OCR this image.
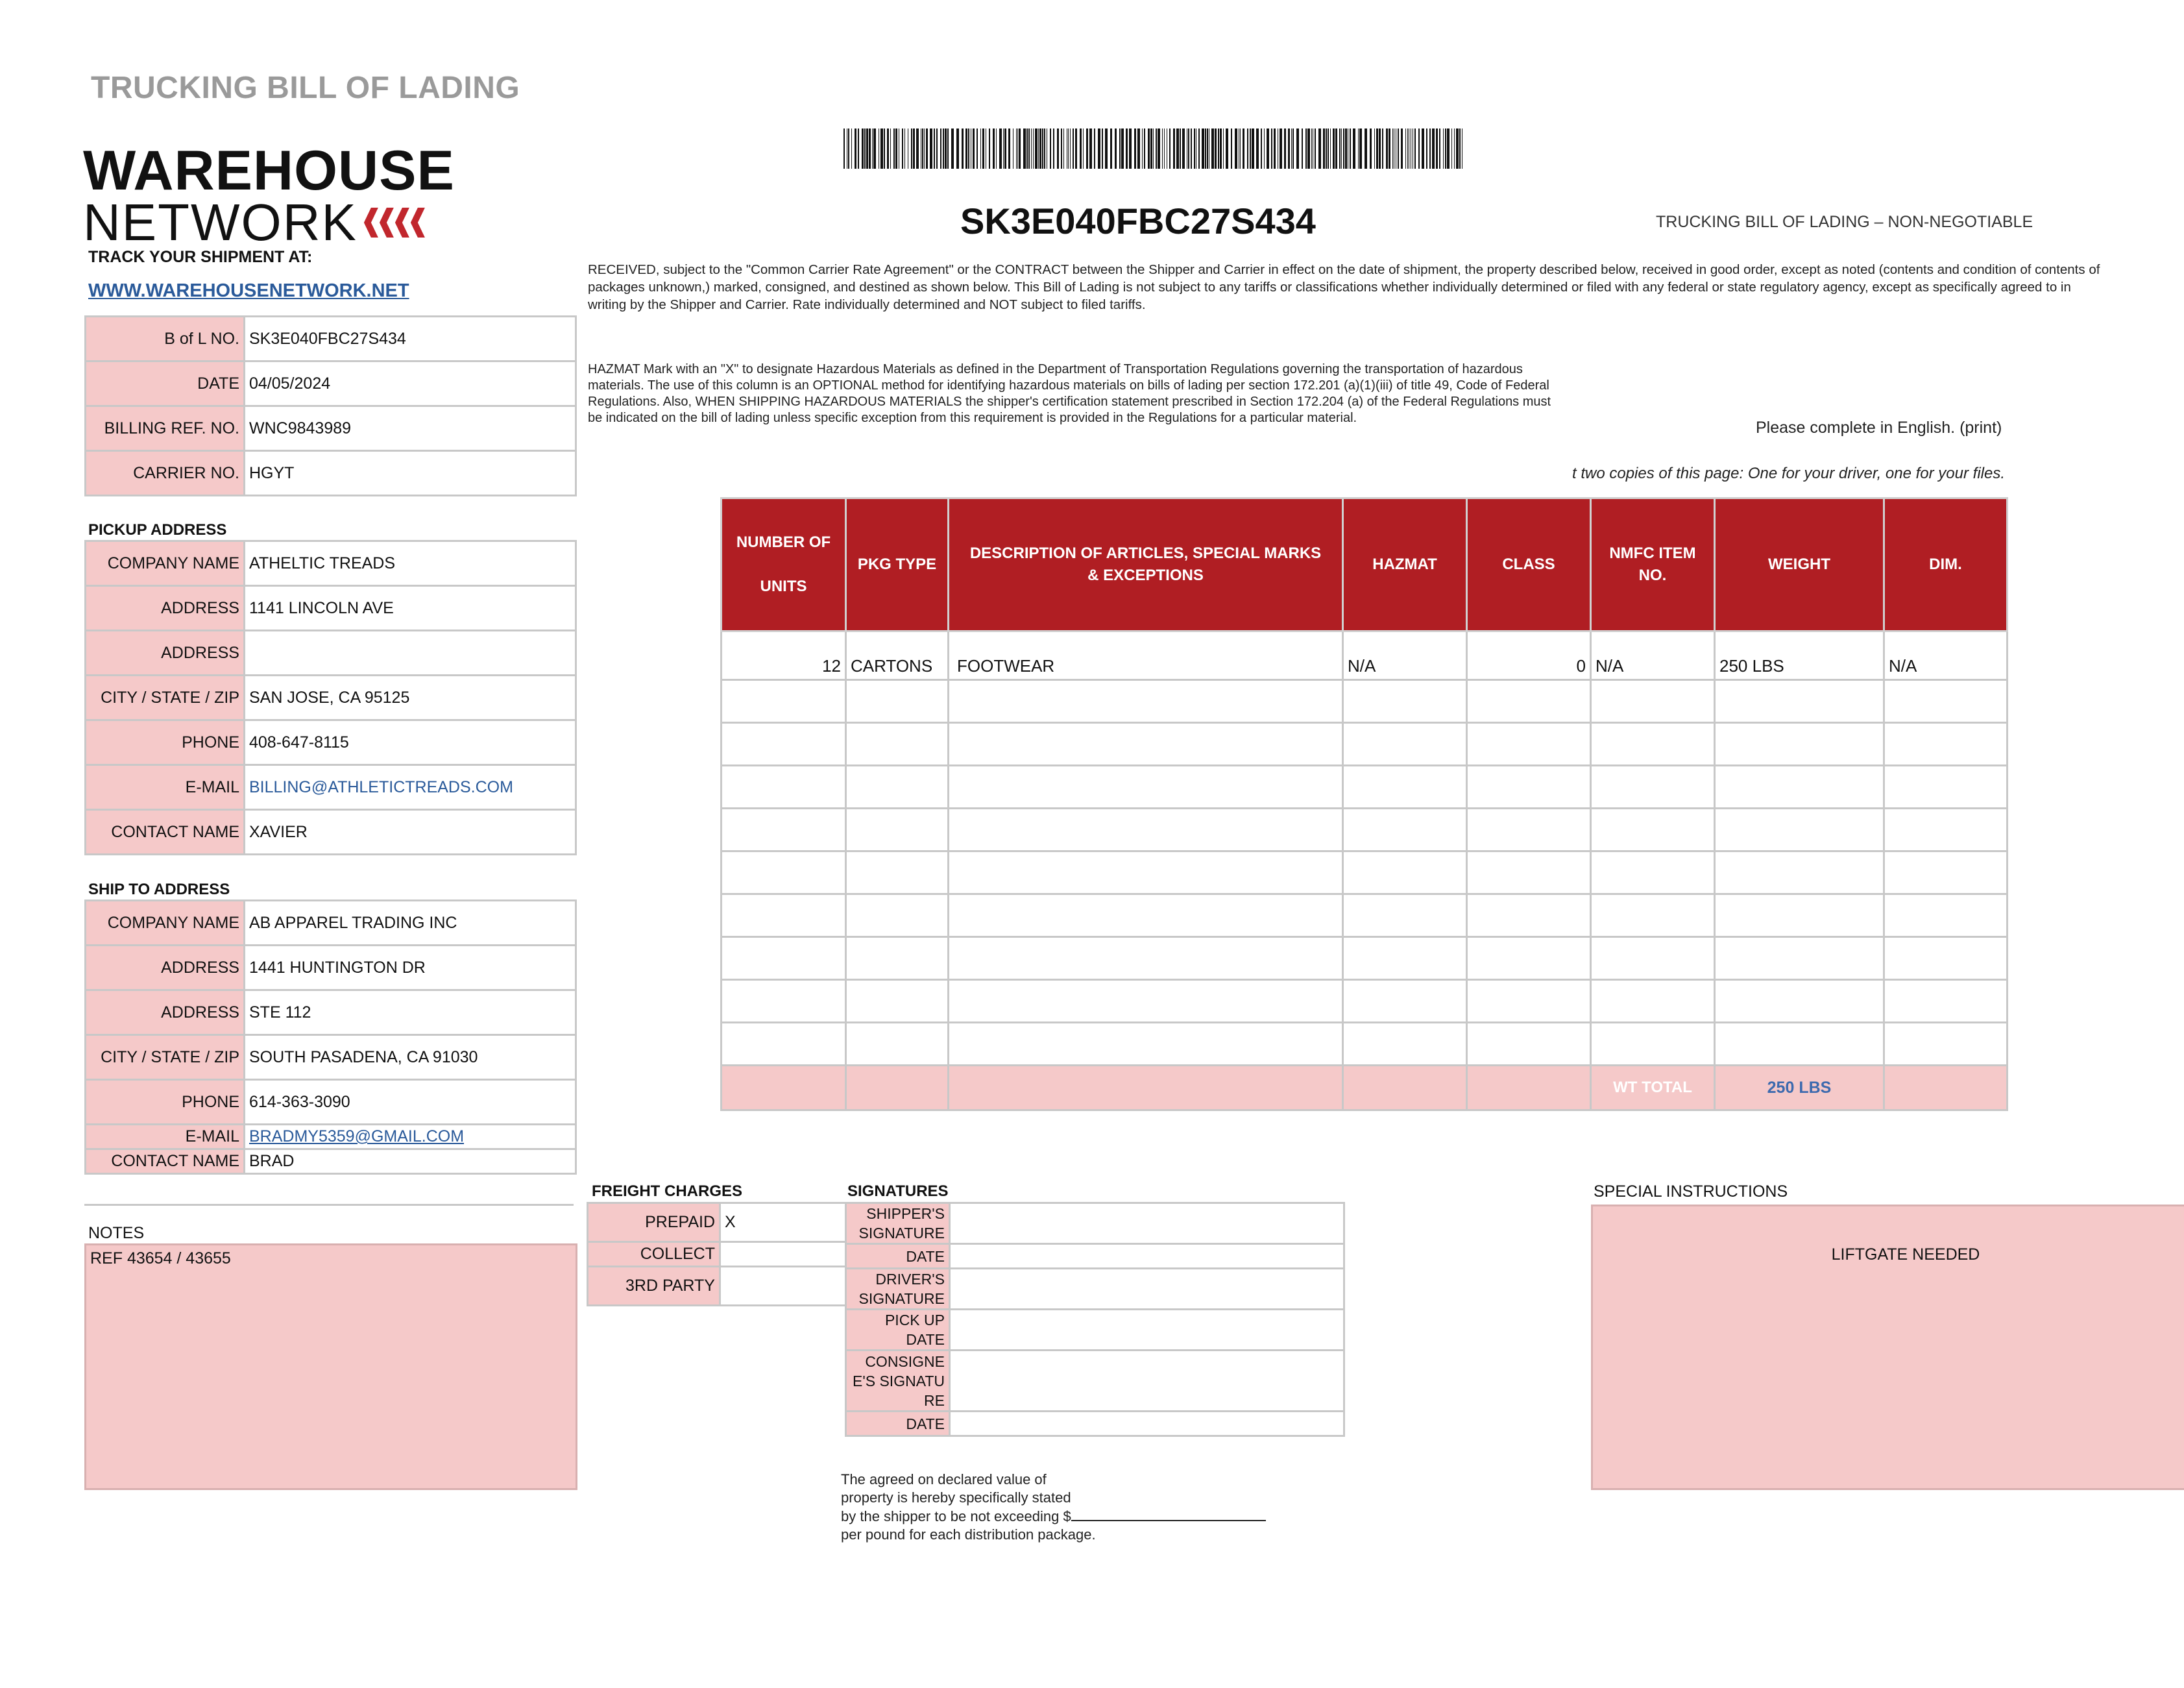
TRUCKING BILL OF LADING
WAREHOUSE
NETWORK
TRACK YOUR SHIPMENT AT:
WWW.WAREHOUSENETWORK.NET
SK3E040FBC27S434	TRUCKING BILL OF LADING – NON-NEGOTIABLE
RECEIVED, subject to the "Common Carrier Rate Agreement" or the CONTRACT between the Shipper and Carrier in effect on the date of shipment, the property described below, received in good order, except as noted (contents and condition of contents of packages unknown,) marked, consigned, and destined as shown below. This Bill of Lading is not subject to any tariffs or classifications whether individually determined or filed with any federal or state regulatory agency, except as specifically agreed to in writing by the Shipper and Carrier. Rate individually determined and NOT subject to filed tariffs.
HAZMAT Mark with an "X" to designate Hazardous Materials as defined in the Department of Transportation Regulations governing the transportation of hazardous materials. The use of this column is an OPTIONAL method for identifying hazardous materials on bills of lading per section 172.201 (a)(1)(iii) of title 49, Code of Federal Regulations. Also, WHEN SHIPPING HAZARDOUS MATERIALS the shipper's certification statement prescribed in Section 172.204 (a) of the Federal Regulations must be indicated on the bill of lading unless specific exception from this requirement is provided in the Regulations for a particular material.
Please complete in English. (print)
t two copies of this page: One for your driver, one for your files.
B of L NO.	SK3E040FBC27S434
DATE	04/05/2024
BILLING REF. NO.	WNC9843989
CARRIER NO.	HGYT
PICKUP ADDRESS
COMPANY NAME	ATHELTIC TREADS
ADDRESS	1141 LINCOLN AVE
ADDRESS	
CITY / STATE / ZIP	SAN JOSE, CA 95125
PHONE	408-647-8115
E-MAIL	BILLING@ATHLETICTREADS.COM
CONTACT NAME	XAVIER
SHIP TO ADDRESS
COMPANY NAME	AB APPAREL TRADING INC
ADDRESS	1441 HUNTINGTON DR
ADDRESS	STE 112
CITY / STATE / ZIP	SOUTH PASADENA, CA 91030
PHONE	614-363-3090
E-MAIL	BRADMY5359@GMAIL.COM
CONTACT NAME	BRAD
NUMBER OF
UNITS	PKG TYPE	DESCRIPTION OF ARTICLES, SPECIAL MARKS & EXCEPTIONS	HAZMAT	CLASS	NMFC ITEM NO.	WEIGHT	DIM.
12	CARTONS	FOOTWEAR	N/A	0	N/A	250 LBS	N/A

					WT TOTAL	250 LBS	
FREIGHT CHARGES
PREPAID	X
COLLECT	
3RD PARTY	
SIGNATURES
SHIPPER'S SIGNATURE	
DATE	
DRIVER'S SIGNATURE	
PICK UP DATE	
CONSIGNEE'S SIGNATURE	
DATE	
SPECIAL INSTRUCTIONS
LIFTGATE NEEDED
NOTES
REF 43654 / 43655
The agreed on declared value of
property is hereby specifically stated
by the shipper to be not exceeding $
per pound for each distribution package.
